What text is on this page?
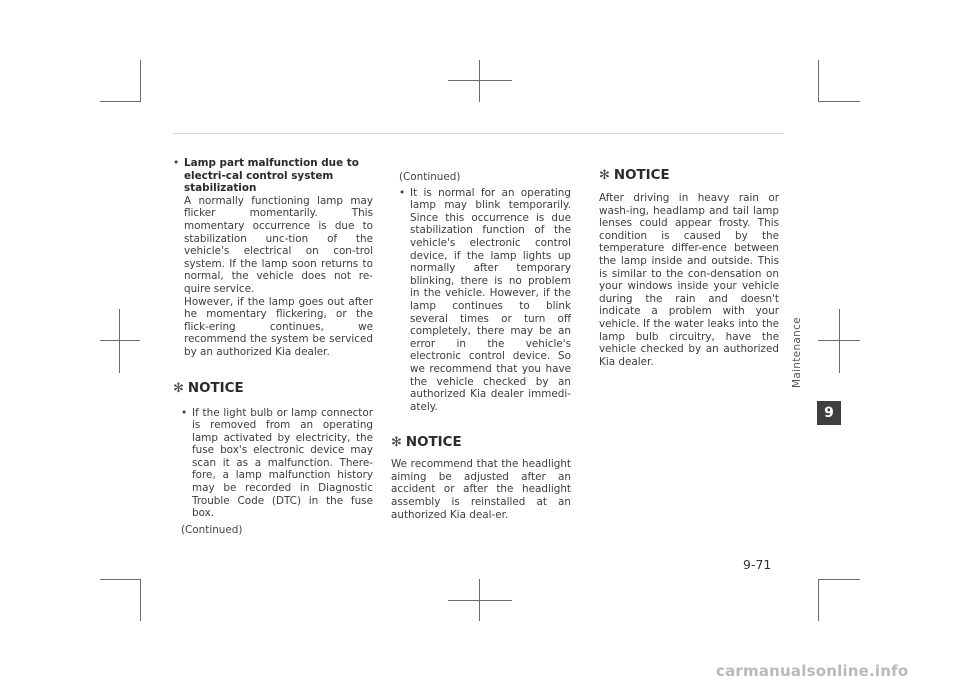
• Lamp part malfunction due to electri-cal control system stabilization

A normally functioning lamp may flicker momentarily. This momentary occurrence is due to stabilization unc-tion of the vehicle's electrical on con-trol system. If the lamp soon returns to normal, the vehicle does not re-quire service.

However, if the lamp goes out after he momentary flickering, or the flick-ering continues, we recommend the system be serviced by an authorized Kia dealer.

✻ NOTICE

• If the light bulb or lamp connector is removed from an operating lamp activated by electricity, the fuse box's electronic device may scan it as a malfunction. There-fore, a lamp malfunction history may be recorded in Diagnostic Trouble Code (DTC) in the fuse box.

(Continued)

(Continued)

• It is normal for an operating lamp may blink temporarily. Since this occurrence is due stabilization function of the vehicle's electronic control device, if the lamp lights up normally after temporary blinking, there is no problem in the vehicle. However, if the lamp continues to blink several times or turn off completely, there may be an error in the vehicle's electronic control device. So we recommend that you have the vehicle checked by an authorized Kia dealer immedi-ately.

✻ NOTICE

We recommend that the headlight aiming be adjusted after an accident or after the headlight assembly is reinstalled at an authorized Kia deal-er.

✻ NOTICE

After driving in heavy rain or wash-ing, headlamp and tail lamp lenses could appear frosty. This condition is caused by the temperature differ-ence between the lamp inside and outside. This is similar to the con-densation on your windows inside your vehicle during the rain and doesn't indicate a problem with your vehicle. If the water leaks into the lamp bulb circuitry, have the vehicle checked by an authorized Kia dealer.	Maintenance
9
9-71
carmanualsonline.info
